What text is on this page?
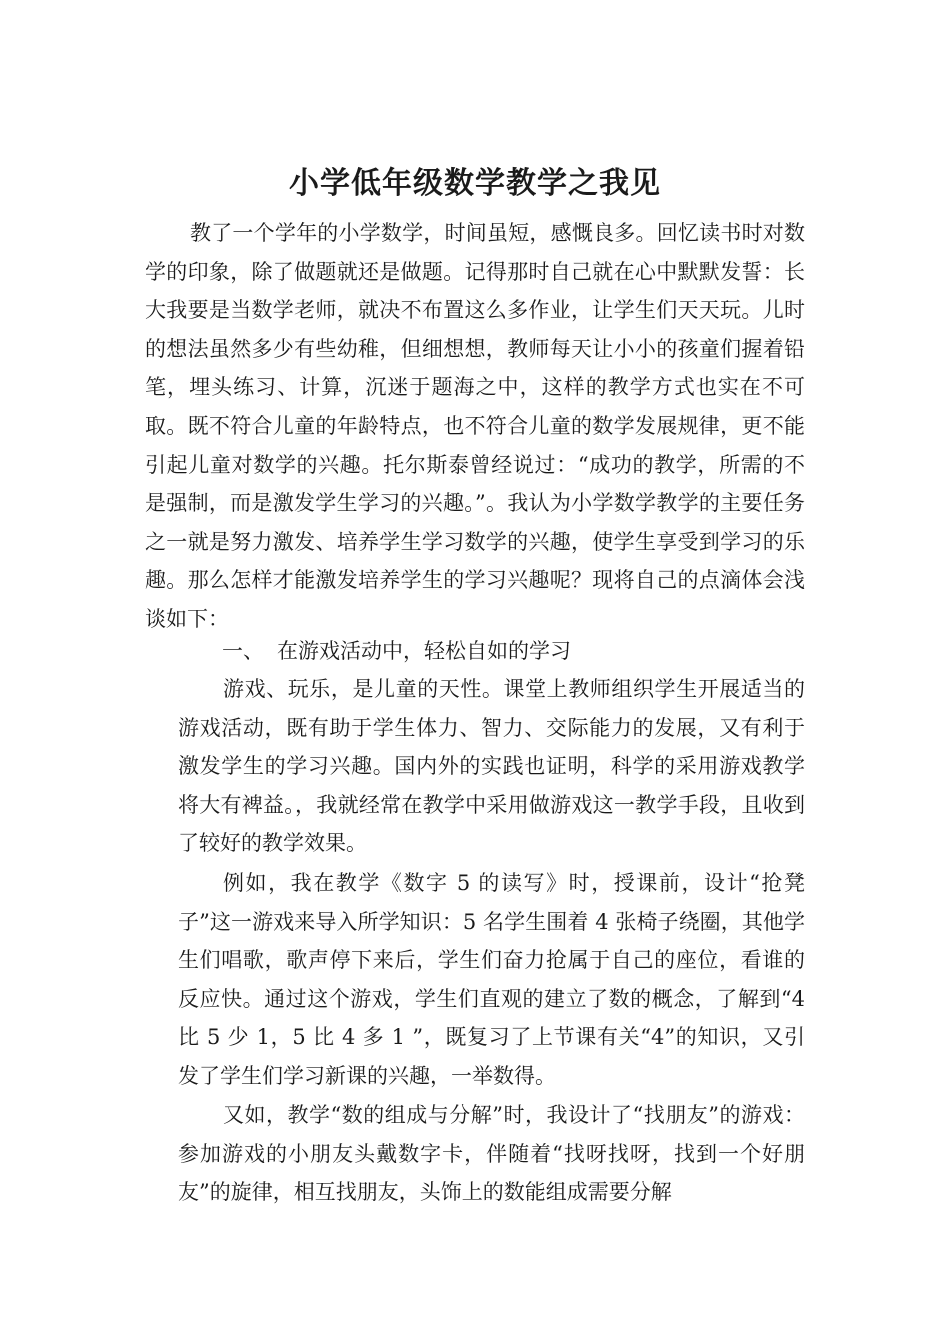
小学低年级数学教学之我见

教了一个学年的小学数学，时间虽短，感慨良多。回忆读书时对数学的印象，除了做题就还是做题。记得那时自己就在心中默默发誓：长大我要是当数学老师，就决不布置这么多作业，让学生们天天玩。儿时的想法虽然多少有些幼稚，但细想想，教师每天让小小的孩童们握着铅笔，埋头练习、计算，沉迷于题海之中，这样的教学方式也实在不可取。既不符合儿童的年龄特点，也不符合儿童的数学发展规律，更不能引起儿童对数学的兴趣。托尔斯泰曾经说过：“成功的教学，所需的不是强制，而是激发学生学习的兴趣。”。我认为小学数学教学的主要任务之一就是努力激发、培养学生学习数学的兴趣，使学生享受到学习的乐趣。那么怎样才能激发培养学生的学习兴趣呢？现将自己的点滴体会浅谈如下：

一、 在游戏活动中，轻松自如的学习

游戏、玩乐，是儿童的天性。课堂上教师组织学生开展适当的游戏活动，既有助于学生体力、智力、交际能力的发展，又有利于激发学生的学习兴趣。国内外的实践也证明，科学的采用游戏教学将大有裨益。，我就经常在教学中采用做游戏这一教学手段，且收到了较好的教学效果。

例如，我在教学《数字 5 的读写》时，授课前，设计“抢凳子”这一游戏来导入所学知识：5 名学生围着 4 张椅子绕圈，其他学生们唱歌，歌声停下来后，学生们奋力抢属于自己的座位，看谁的反应快。通过这个游戏，学生们直观的建立了数的概念，了解到“4 比 5 少 1，5 比 4 多 1 ”，既复习了上节课有关“4”的知识，又引发了学生们学习新课的兴趣，一举数得。

又如，教学“数的组成与分解”时，我设计了“找朋友”的游戏：参加游戏的小朋友头戴数字卡，伴随着“找呀找呀，找到一个好朋友”的旋律，相互找朋友，头饰上的数能组成需要分解
